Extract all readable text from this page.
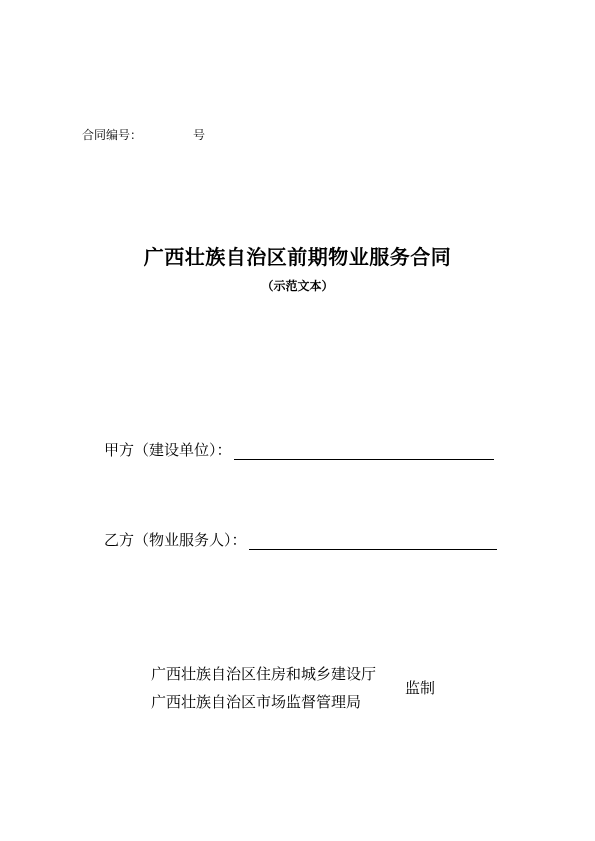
合同编号：	号
广西壮族自治区前期物业服务合同
（示范文本）
甲方（建设单位）：
乙方（物业服务人）：
广西壮族自治区住房和城乡建设厅
广西壮族自治区市场监督管理局
监制
